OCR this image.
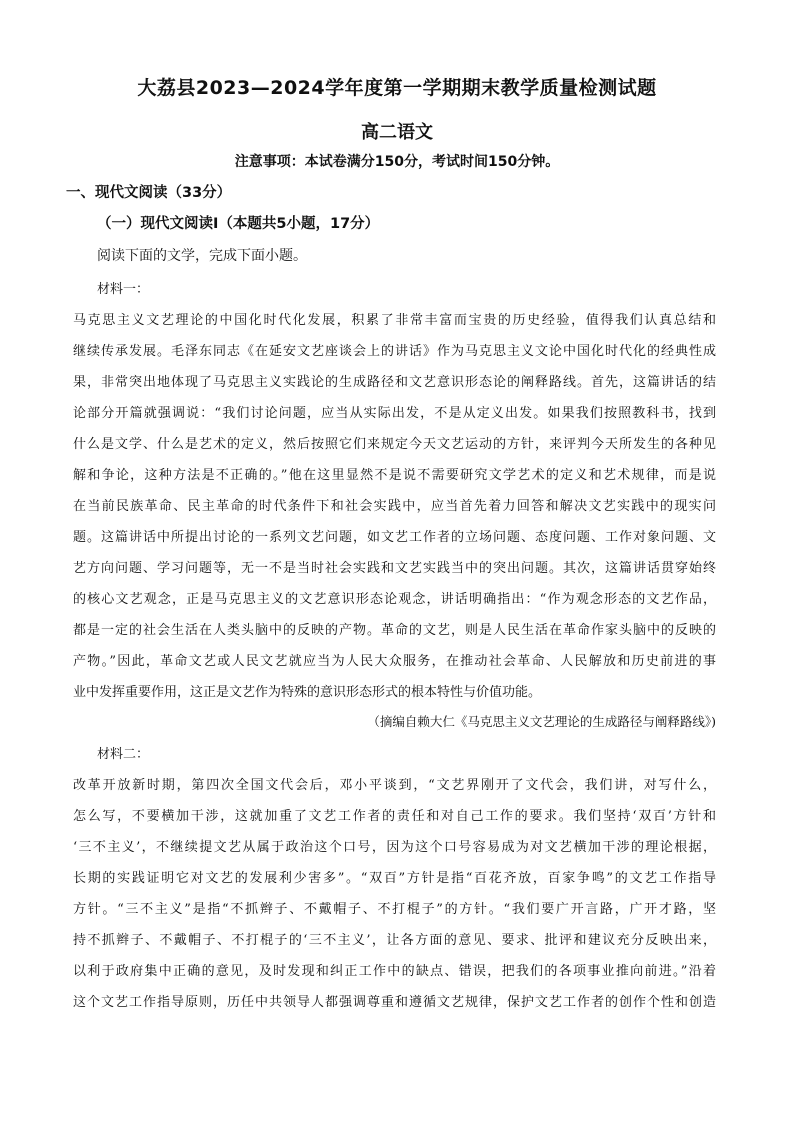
大荔县2023—2024学年度第一学期期末教学质量检测试题
高二语文
注意事项：本试卷满分150分，考试时间150分钟。
一、现代文阅读（33分）
（一）现代文阅读Ⅰ（本题共5小题，17分）
阅读下面的文学，完成下面小题。
材料一：
马克思主义文艺理论的中国化时代化发展，积累了非常丰富而宝贵的历史经验，值得我们认真总结和
继续传承发展。毛泽东同志《在延安文艺座谈会上的讲话》作为马克思主义文论中国化时代化的经典性成
果，非常突出地体现了马克思主义实践论的生成路径和文艺意识形态论的阐释路线。首先，这篇讲话的结
论部分开篇就强调说：“我们讨论问题，应当从实际出发，不是从定义出发。如果我们按照教科书，找到
什么是文学、什么是艺术的定义，然后按照它们来规定今天文艺运动的方针，来评判今天所发生的各种见
解和争论，这种方法是不正确的。”他在这里显然不是说不需要研究文学艺术的定义和艺术规律，而是说
在当前民族革命、民主革命的时代条件下和社会实践中，应当首先着力回答和解决文艺实践中的现实问
题。这篇讲话中所提出讨论的一系列文艺问题，如文艺工作者的立场问题、态度问题、工作对象问题、文
艺方向问题、学习问题等，无一不是当时社会实践和文艺实践当中的突出问题。其次，这篇讲话贯穿始终
的核心文艺观念，正是马克思主义的文艺意识形态论观念，讲话明确指出：“作为观念形态的文艺作品，
都是一定的社会生活在人类头脑中的反映的产物。革命的文艺，则是人民生活在革命作家头脑中的反映的
产物。”因此，革命文艺或人民文艺就应当为人民大众服务，在推动社会革命、人民解放和历史前进的事
业中发挥重要作用，这正是文艺作为特殊的意识形态形式的根本特性与价值功能。
（摘编自赖大仁《马克思主义文艺理论的生成路径与阐释路线》)
材料二：
改革开放新时期，第四次全国文代会后，邓小平谈到，“文艺界刚开了文代会，我们讲，对写什么，
怎么写，不要横加干涉，这就加重了文艺工作者的责任和对自己工作的要求。我们坚持‘双百’方针和
‘三不主义’，不继续提文艺从属于政治这个口号，因为这个口号容易成为对文艺横加干涉的理论根据，
长期的实践证明它对文艺的发展利少害多”。“双百”方针是指“百花齐放，百家争鸣”的文艺工作指导
方针。“三不主义”是指“不抓辫子、不戴帽子、不打棍子”的方针。“我们要广开言路，广开才路，坚
持不抓辫子、不戴帽子、不打棍子的‘三不主义’，让各方面的意见、要求、批评和建议充分反映出来，
以利于政府集中正确的意见，及时发现和纠正工作中的缺点、错误，把我们的各项事业推向前进。”沿着
这个文艺工作指导原则，历任中共领导人都强调尊重和遵循文艺规律，保护文艺工作者的创作个性和创造
